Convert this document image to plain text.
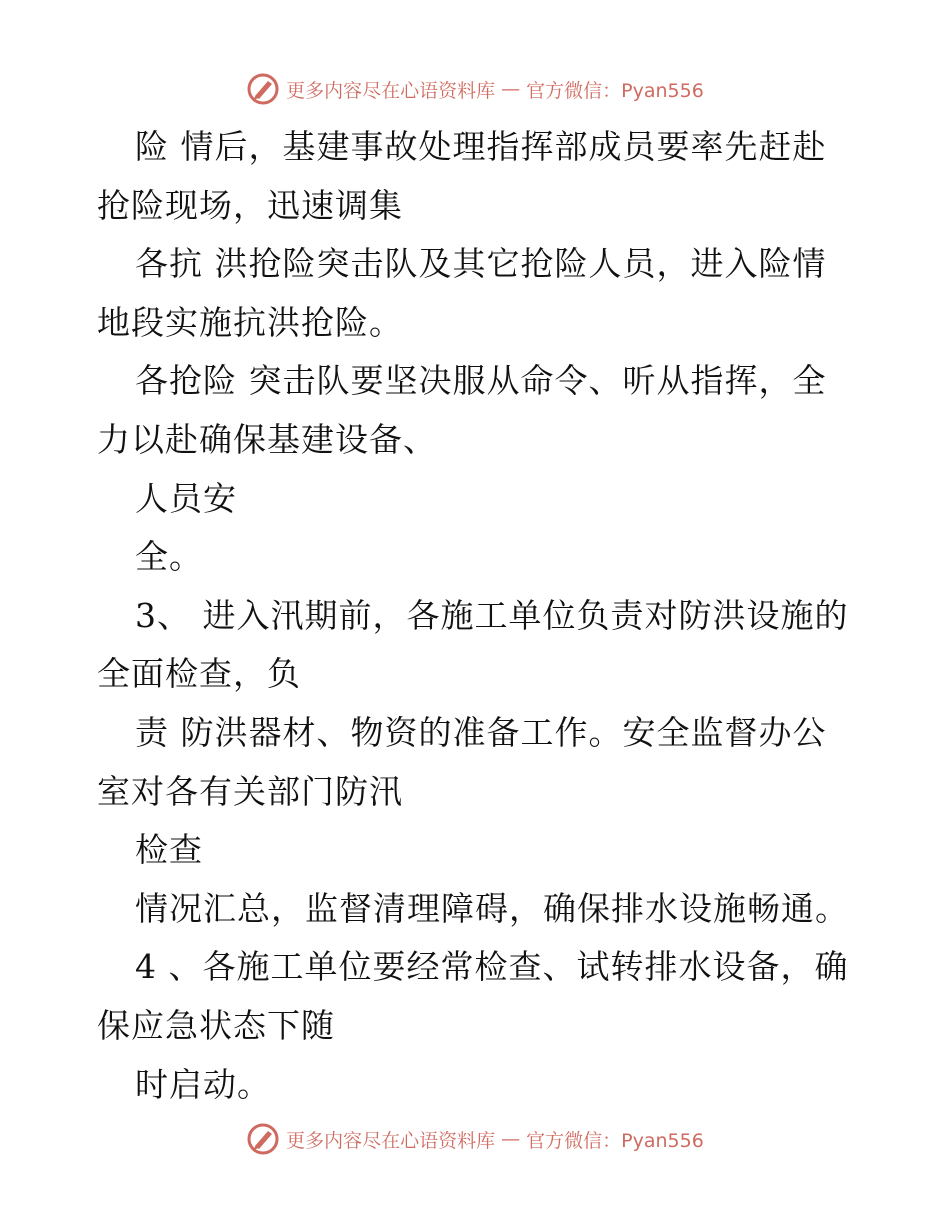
更多内容尽在心语资料库 — 官方微信：Pyan556
险 情后，基建事故处理指挥部成员要率先赶赴
抢险现场，迅速调集
各抗 洪抢险突击队及其它抢险人员，进入险情
地段实施抗洪抢险。
各抢险 突击队要坚决服从命令、听从指挥，全
力以赴确保基建设备、
人员安
全。
3、 进入汛期前，各施工单位负责对防洪设施的
全面检查，负
责 防洪器材、物资的准备工作。安全监督办公
室对各有关部门防汛
检查
情况汇总，监督清理障碍，确保排水设施畅通。
4 、各施工单位要经常检查、试转排水设备，确
保应急状态下随
时启动。
更多内容尽在心语资料库 — 官方微信：Pyan556
